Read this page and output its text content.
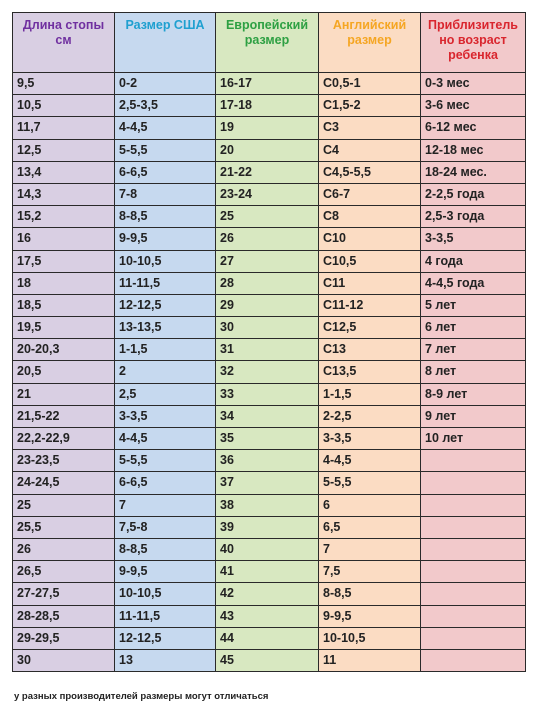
Длина стопы см	Размер США	Европейский размер	Английский размер	Приблизитель но возраст ребенка
9,5	0-2	16-17	C0,5-1	0-3 мес
10,5	2,5-3,5	17-18	C1,5-2	3-6 мес
11,7	4-4,5	19	C3	6-12 мес
12,5	5-5,5	20	C4	12-18 мес
13,4	6-6,5	21-22	C4,5-5,5	18-24 мес.
14,3	7-8	23-24	C6-7	2-2,5 года
15,2	8-8,5	25	C8	2,5-3 года
16	9-9,5	26	C10	3-3,5
17,5	10-10,5	27	C10,5	4 года
18	11-11,5	28	C11	4-4,5 года
18,5	12-12,5	29	C11-12	5 лет
19,5	13-13,5	30	C12,5	6 лет
20-20,3	1-1,5	31	C13	7 лет
20,5	2	32	C13,5	8 лет
21	2,5	33	1-1,5	8-9 лет
21,5-22	3-3,5	34	2-2,5	9 лет
22,2-22,9	4-4,5	35	3-3,5	10 лет
23-23,5	5-5,5	36	4-4,5	
24-24,5	6-6,5	37	5-5,5	
25	7	38	6	
25,5	7,5-8	39	6,5	
26	8-8,5	40	7	
26,5	9-9,5	41	7,5	
27-27,5	10-10,5	42	8-8,5	
28-28,5	11-11,5	43	9-9,5	
29-29,5	12-12,5	44	10-10,5	
30	13	45	11	
у разных производителей размеры могут отличаться
